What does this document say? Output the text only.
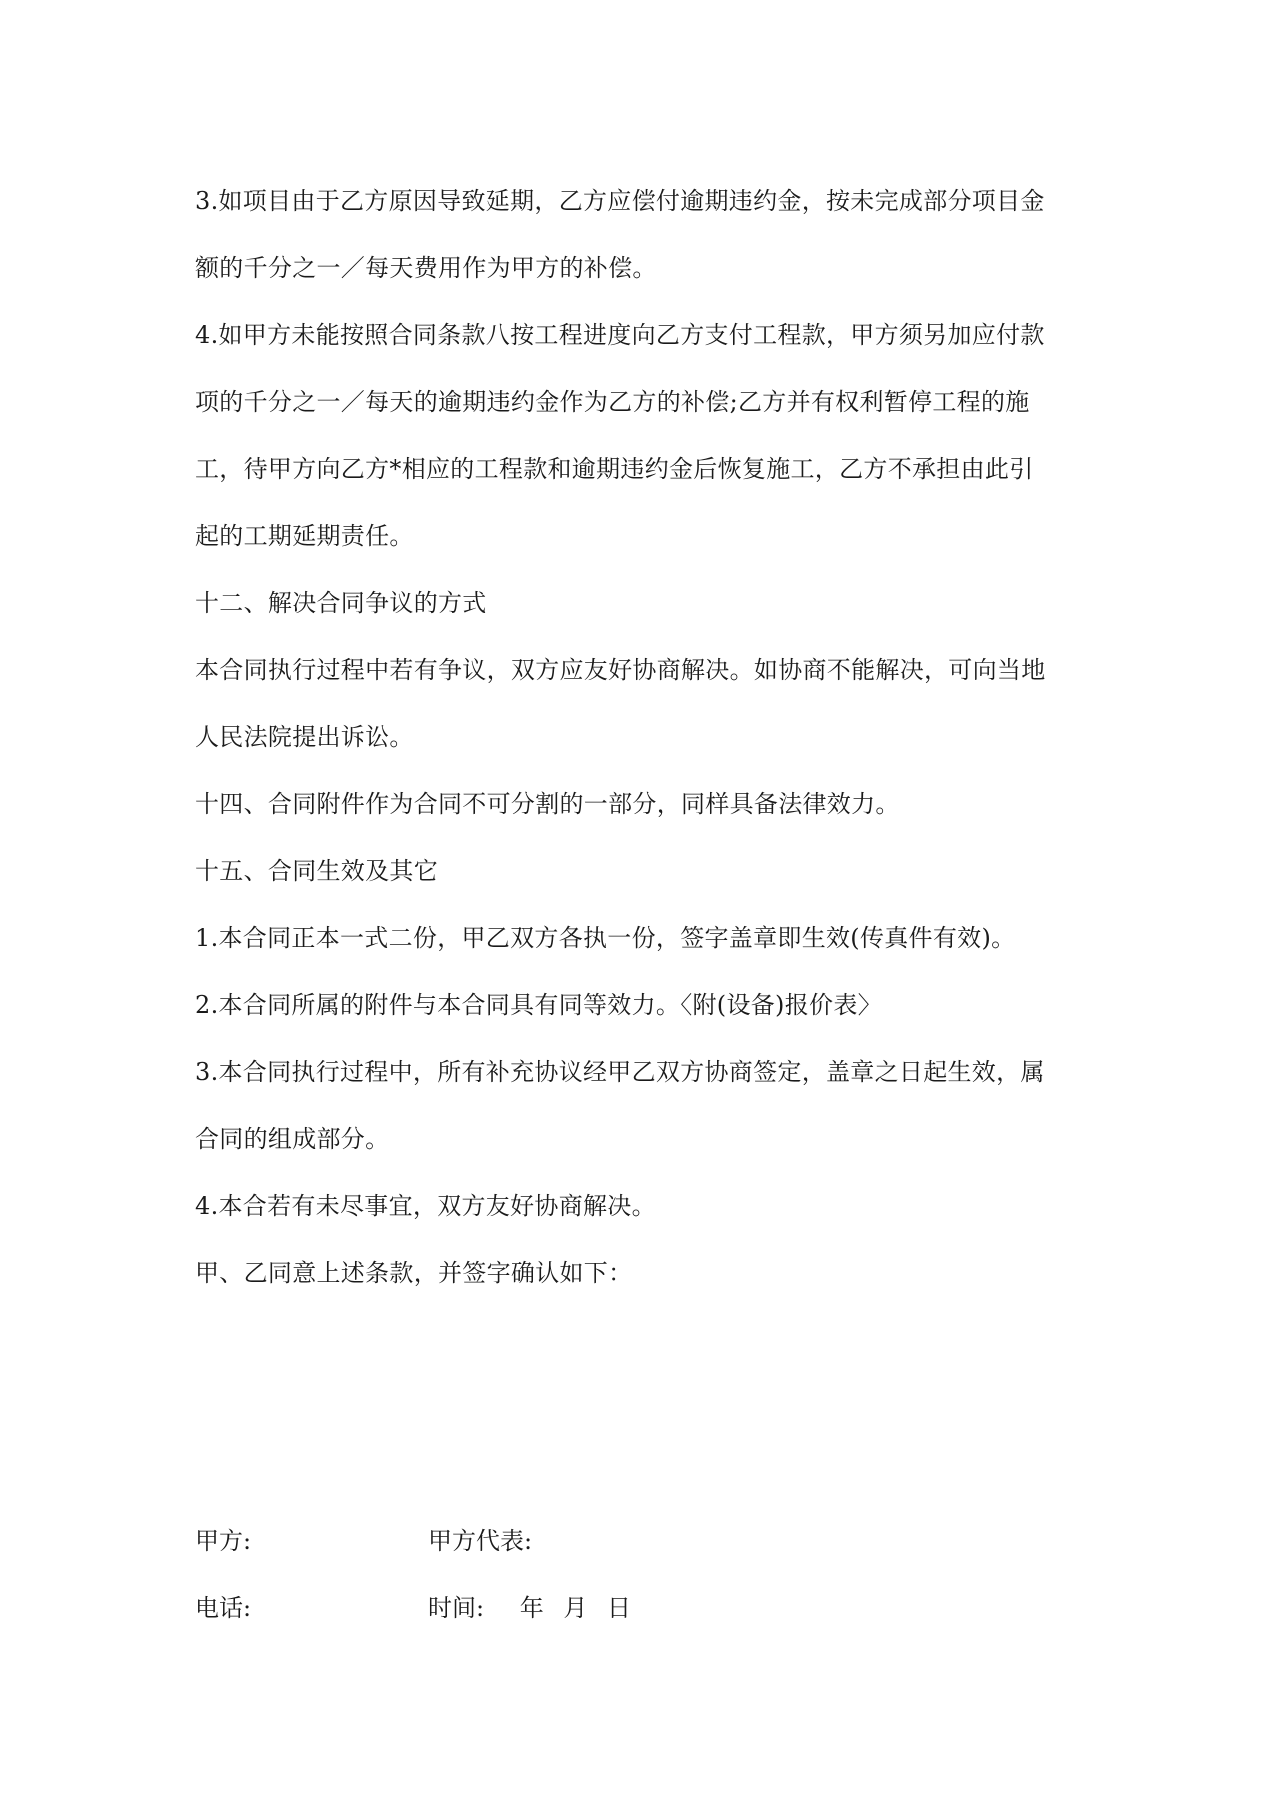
3.如项目由于乙方原因导致延期，乙方应偿付逾期违约金，按未完成部分项目金
额的千分之一／每天费用作为甲方的补偿。
4.如甲方未能按照合同条款八按工程进度向乙方支付工程款，甲方须另加应付款
项的千分之一／每天的逾期违约金作为乙方的补偿;乙方并有权利暂停工程的施
工，待甲方向乙方*相应的工程款和逾期违约金后恢复施工，乙方不承担由此引
起的工期延期责任。
十二、解决合同争议的方式
本合同执行过程中若有争议，双方应友好协商解决。如协商不能解决，可向当地
人民法院提出诉讼。
十四、合同附件作为合同不可分割的一部分，同样具备法律效力。
十五、合同生效及其它
1.本合同正本一式二份，甲乙双方各执一份，签字盖章即生效(传真件有效)。
2.本合同所属的附件与本合同具有同等效力。〈附(设备)报价表〉
3.本合同执行过程中，所有补充协议经甲乙双方协商签定，盖章之日起生效，属
合同的组成部分。
4.本合若有未尽事宜，双方友好协商解决。
甲、乙同意上述条款，并签字确认如下：
甲方:	甲方代表:
电话:	时间: 年 月 日
